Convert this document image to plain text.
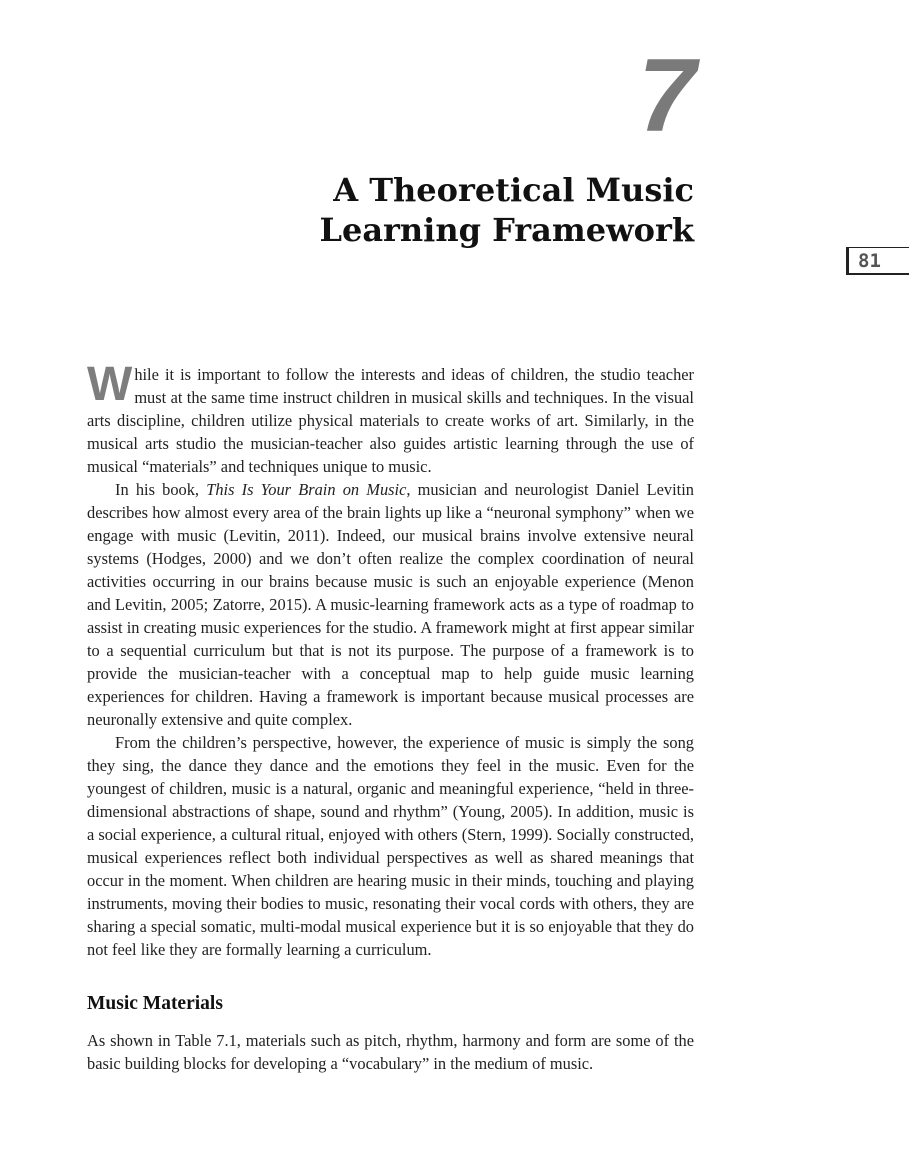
7
A Theoretical Music
Learning Framework
81

While it is important to follow the interests and ideas of children, the studio teacher must at the same time instruct children in musical skills and techniques. In the visual arts discipline, children utilize physical materials to create works of art. Similarly, in the musical arts studio the musician-teacher also guides artistic learning through the use of musical “materials” and techniques unique to music.

In his book, This Is Your Brain on Music, musician and neurologist Daniel Levitin describes how almost every area of the brain lights up like a “neuronal symphony” when we engage with music (Levitin, 2011). Indeed, our musical brains involve extensive neural systems (Hodges, 2000) and we don’t often realize the complex coordination of neural activities occurring in our brains because music is such an enjoyable experience (Menon and Levitin, 2005; Zatorre, 2015). A music-learning framework acts as a type of roadmap to assist in creating music experiences for the studio. A framework might at first appear similar to a sequential curriculum but that is not its purpose. The purpose of a framework is to provide the musician-teacher with a conceptual map to help guide music learning experiences for children. Having a framework is important because musical processes are neuronally extensive and quite complex.

From the children’s perspective, however, the experience of music is simply the song they sing, the dance they dance and the emotions they feel in the music. Even for the youngest of children, music is a natural, organic and meaningful experience, “held in three-dimensional abstractions of shape, sound and rhythm” (Young, 2005). In addition, music is a social experience, a cultural ritual, enjoyed with others (Stern, 1999). Socially constructed, musical experiences reflect both individual perspectives as well as shared meanings that occur in the moment. When children are hearing music in their minds, touching and playing instruments, moving their bodies to music, resonating their vocal cords with others, they are sharing a special somatic, multi-modal musical experience but it is so enjoyable that they do not feel like they are formally learning a curriculum.

Music Materials

As shown in Table 7.1, materials such as pitch, rhythm, harmony and form are some of the basic building blocks for developing a “vocabulary” in the medium of music.
